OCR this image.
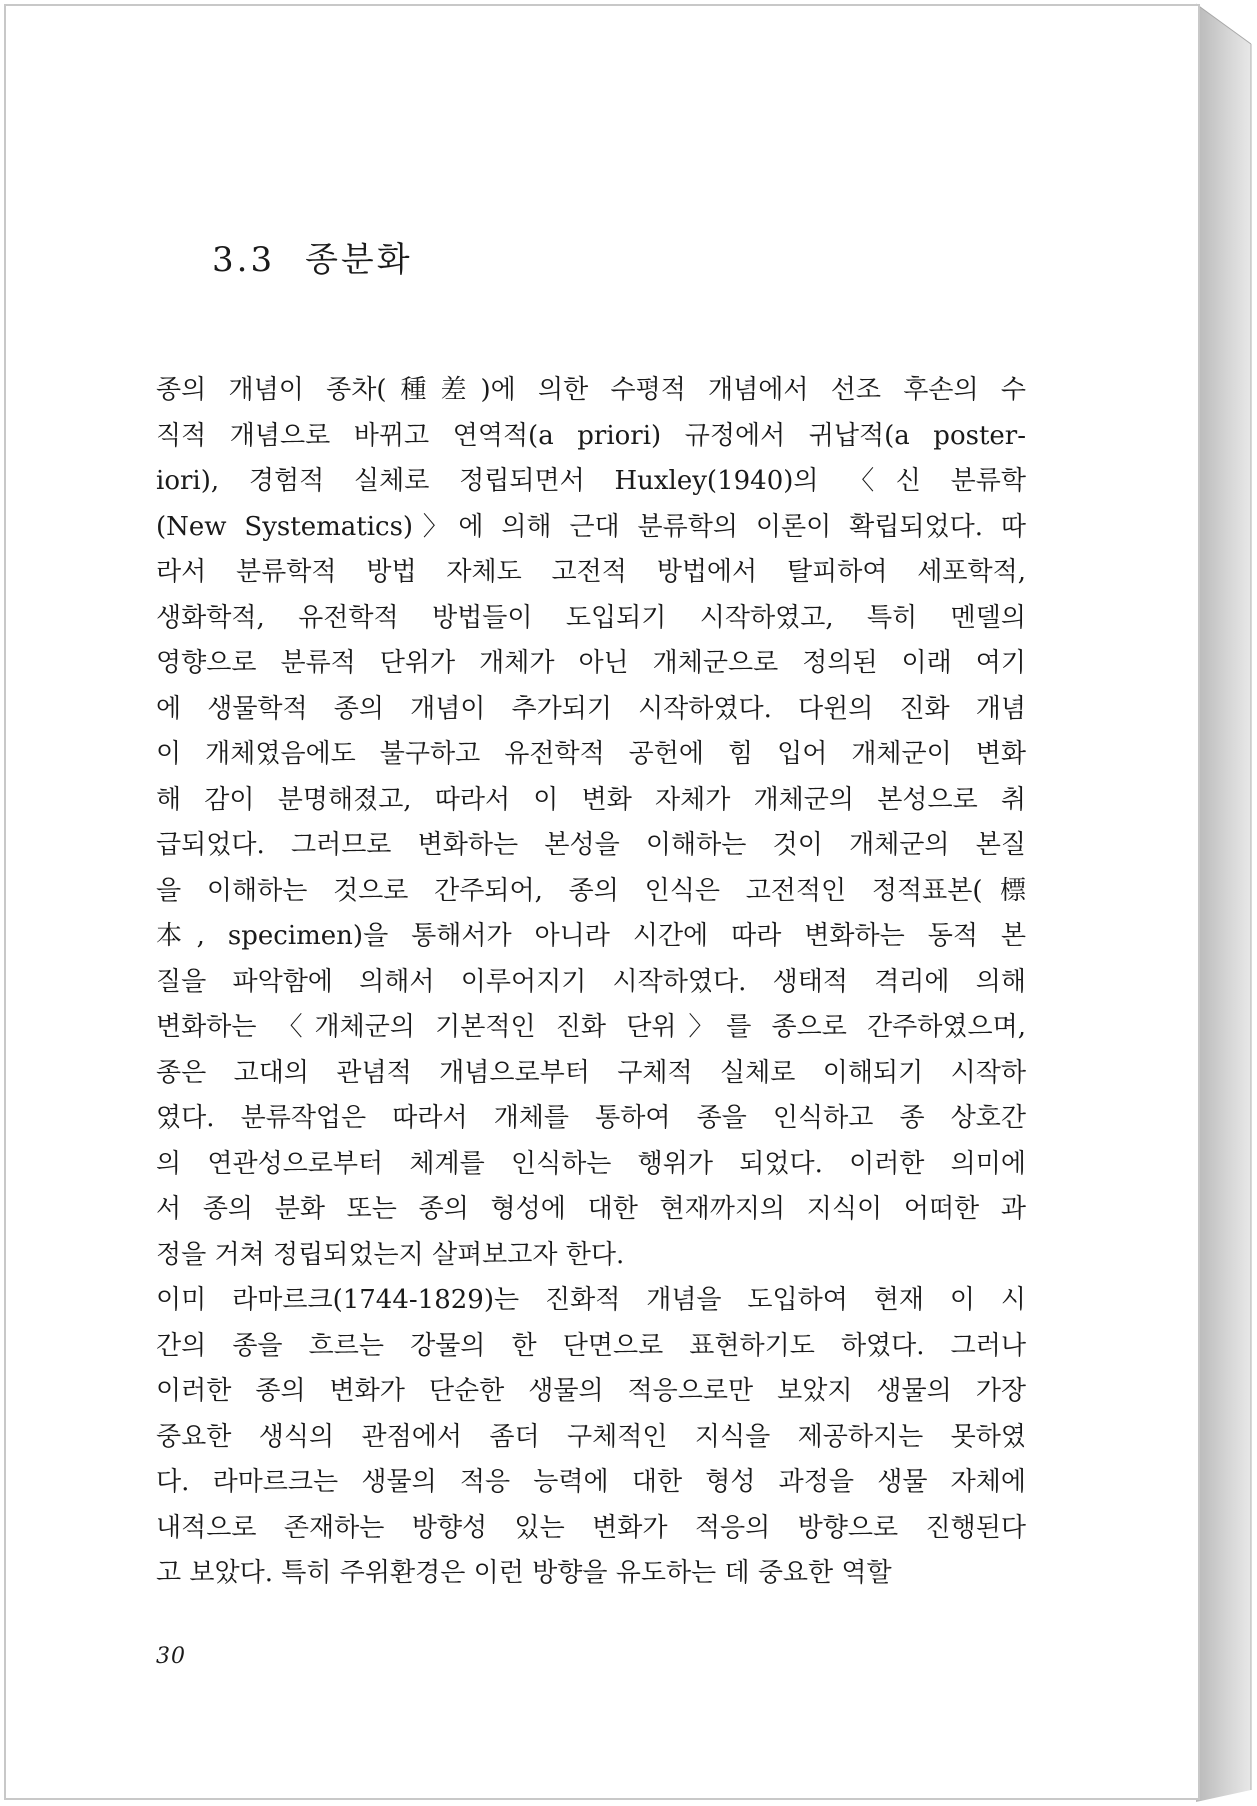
3.3 종분화
종의 개념이 종차(種差)에 의한 수평적 개념에서 선조 후손의 수
직적 개념으로 바뀌고 연역적(a priori) 규정에서 귀납적(a poster-
iori), 경험적 실체로 정립되면서 Huxley(1940)의 〈신 분류학
(New Systematics)〉에 의해 근대 분류학의 이론이 확립되었다. 따
라서 분류학적 방법 자체도 고전적 방법에서 탈피하여 세포학적,
생화학적, 유전학적 방법들이 도입되기 시작하였고, 특히 멘델의
영향으로 분류적 단위가 개체가 아닌 개체군으로 정의된 이래 여기
에 생물학적 종의 개념이 추가되기 시작하였다. 다윈의 진화 개념
이 개체였음에도 불구하고 유전학적 공헌에 힘 입어 개체군이 변화
해 감이 분명해졌고, 따라서 이 변화 자체가 개체군의 본성으로 취
급되었다. 그러므로 변화하는 본성을 이해하는 것이 개체군의 본질
을 이해하는 것으로 간주되어, 종의 인식은 고전적인 정적표본(標
本, specimen)을 통해서가 아니라 시간에 따라 변화하는 동적 본
질을 파악함에 의해서 이루어지기 시작하였다. 생태적 격리에 의해
변화하는 〈개체군의 기본적인 진화 단위〉를 종으로 간주하였으며,
종은 고대의 관념적 개념으로부터 구체적 실체로 이해되기 시작하
였다. 분류작업은 따라서 개체를 통하여 종을 인식하고 종 상호간
의 연관성으로부터 체계를 인식하는 행위가 되었다. 이러한 의미에
서 종의 분화 또는 종의 형성에 대한 현재까지의 지식이 어떠한 과
정을 거쳐 정립되었는지 살펴보고자 한다.
이미 라마르크(1744-1829)는 진화적 개념을 도입하여 현재 이 시
간의 종을 흐르는 강물의 한 단면으로 표현하기도 하였다. 그러나
이러한 종의 변화가 단순한 생물의 적응으로만 보았지 생물의 가장
중요한 생식의 관점에서 좀더 구체적인 지식을 제공하지는 못하였
다. 라마르크는 생물의 적응 능력에 대한 형성 과정을 생물 자체에
내적으로 존재하는 방향성 있는 변화가 적응의 방향으로 진행된다
고 보았다. 특히 주위환경은 이런 방향을 유도하는 데 중요한 역할
30
